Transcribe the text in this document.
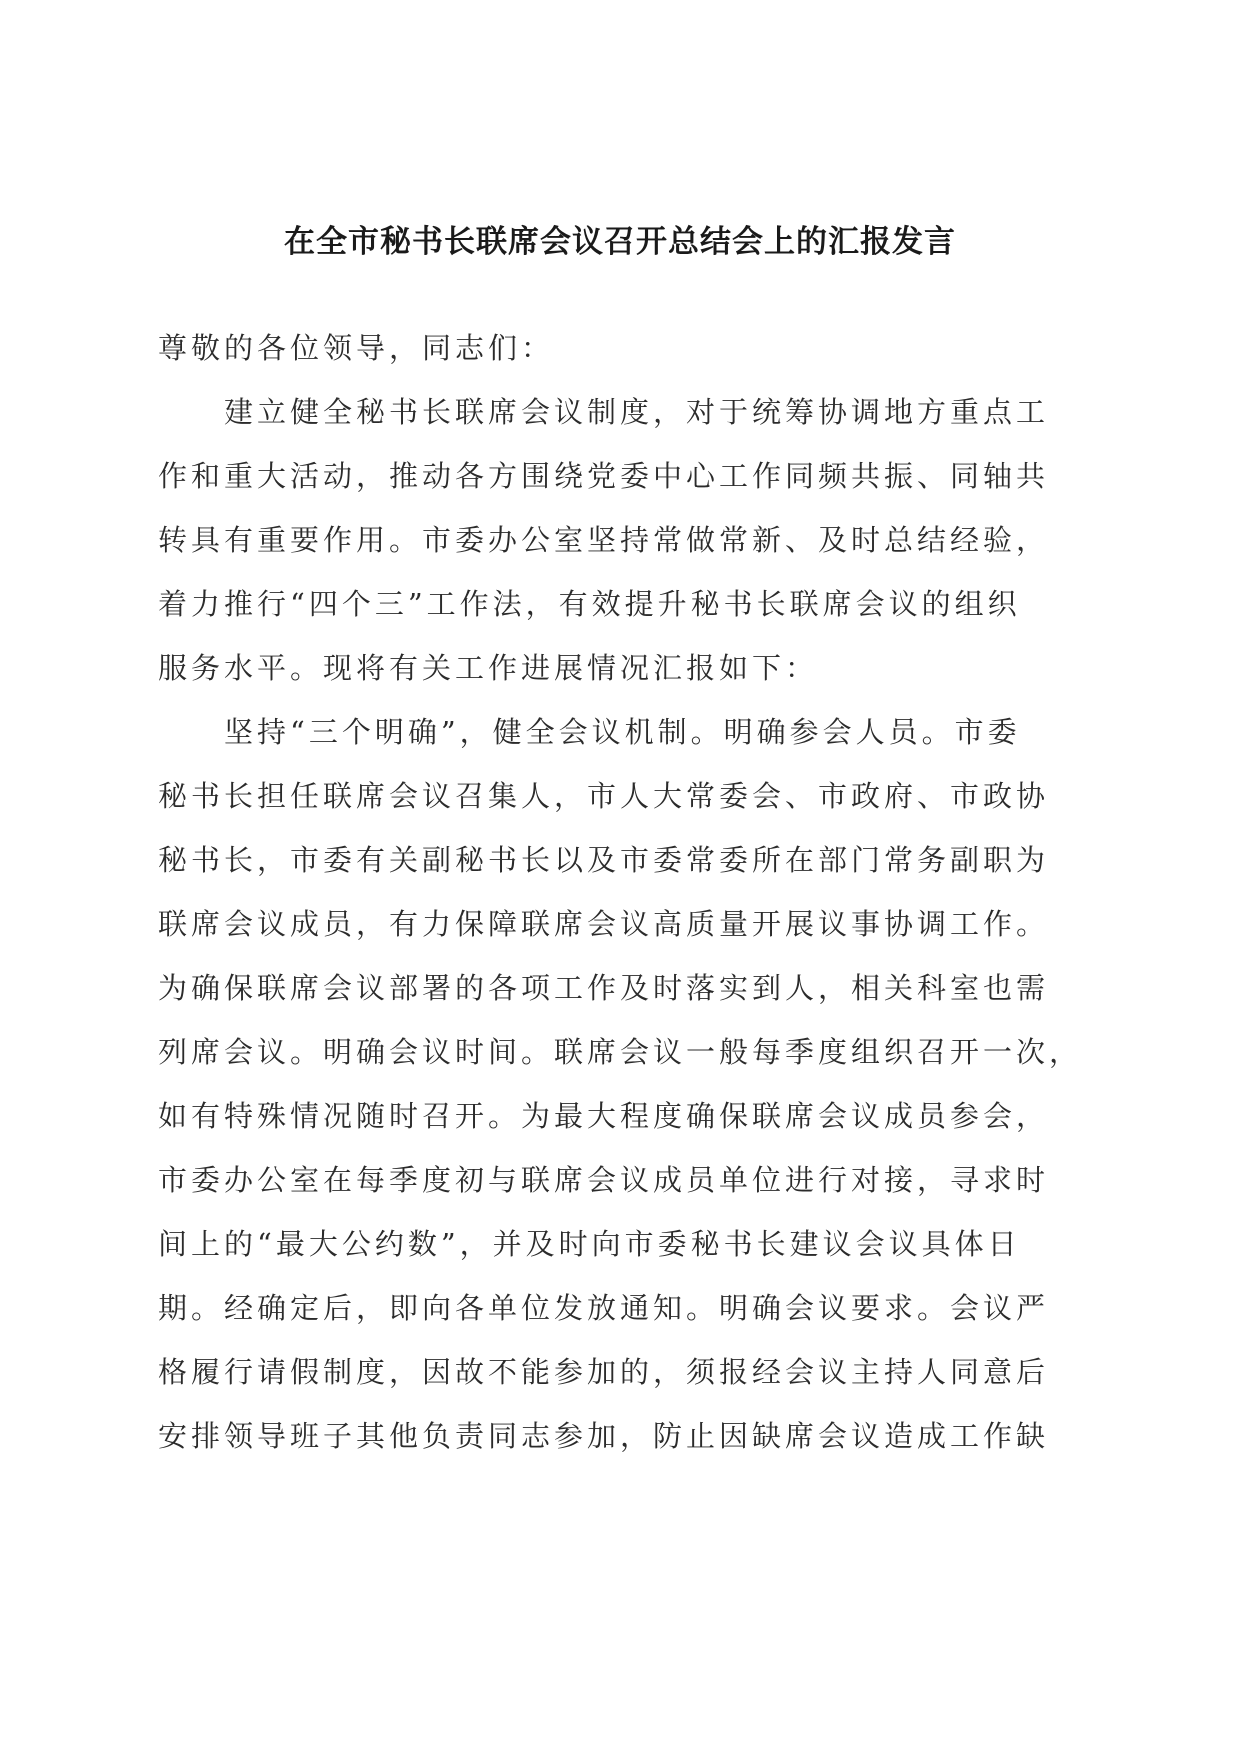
在全市秘书长联席会议召开总结会上的汇报发言
尊敬的各位领导，同志们：
建立健全秘书长联席会议制度，对于统筹协调地方重点工
作和重大活动，推动各方围绕党委中心工作同频共振、同轴共
转具有重要作用。市委办公室坚持常做常新、及时总结经验，
着力推行“四个三”工作法，有效提升秘书长联席会议的组织
服务水平。现将有关工作进展情况汇报如下：
坚持“三个明确”，健全会议机制。明确参会人员。市委
秘书长担任联席会议召集人，市人大常委会、市政府、市政协
秘书长，市委有关副秘书长以及市委常委所在部门常务副职为
联席会议成员，有力保障联席会议高质量开展议事协调工作。
为确保联席会议部署的各项工作及时落实到人，相关科室也需
列席会议。明确会议时间。联席会议一般每季度组织召开一次，
如有特殊情况随时召开。为最大程度确保联席会议成员参会，
市委办公室在每季度初与联席会议成员单位进行对接，寻求时
间上的“最大公约数”，并及时向市委秘书长建议会议具体日
期。经确定后，即向各单位发放通知。明确会议要求。会议严
格履行请假制度，因故不能参加的，须报经会议主持人同意后
安排领导班子其他负责同志参加，防止因缺席会议造成工作缺
